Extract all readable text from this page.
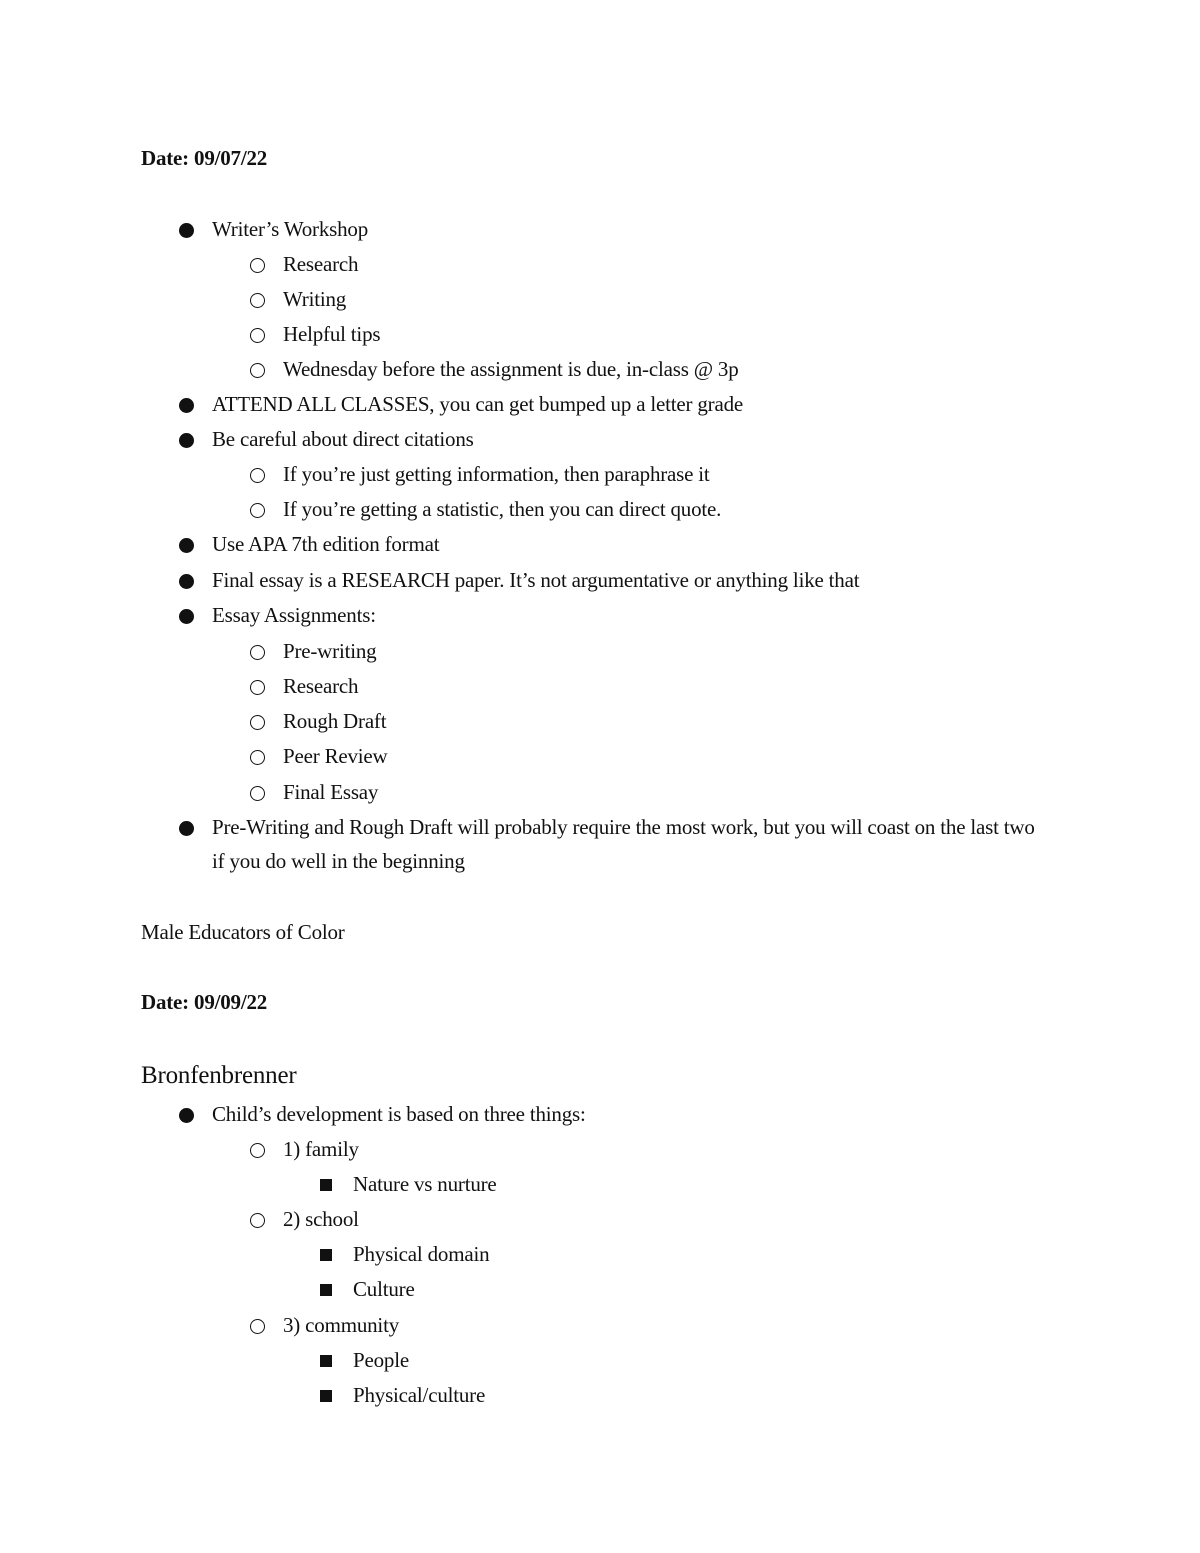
Date: 09/07/22
Writer’s Workshop
Research
Writing
Helpful tips
Wednesday before the assignment is due, in-class @ 3p
ATTEND ALL CLASSES, you can get bumped up a letter grade
Be careful about direct citations
If you’re just getting information, then paraphrase it
If you’re getting a statistic, then you can direct quote.
Use APA 7th edition format
Final essay is a RESEARCH paper. It’s not argumentative or anything like that
Essay Assignments:
Pre-writing
Research
Rough Draft
Peer Review
Final Essay
Pre-Writing and Rough Draft will probably require the most work, but you will coast on the last two if you do well in the beginning
Male Educators of Color
Date: 09/09/22
Bronfenbrenner
Child’s development is based on three things:
1) family
Nature vs nurture
2) school
Physical domain
Culture
3) community
People
Physical/culture
